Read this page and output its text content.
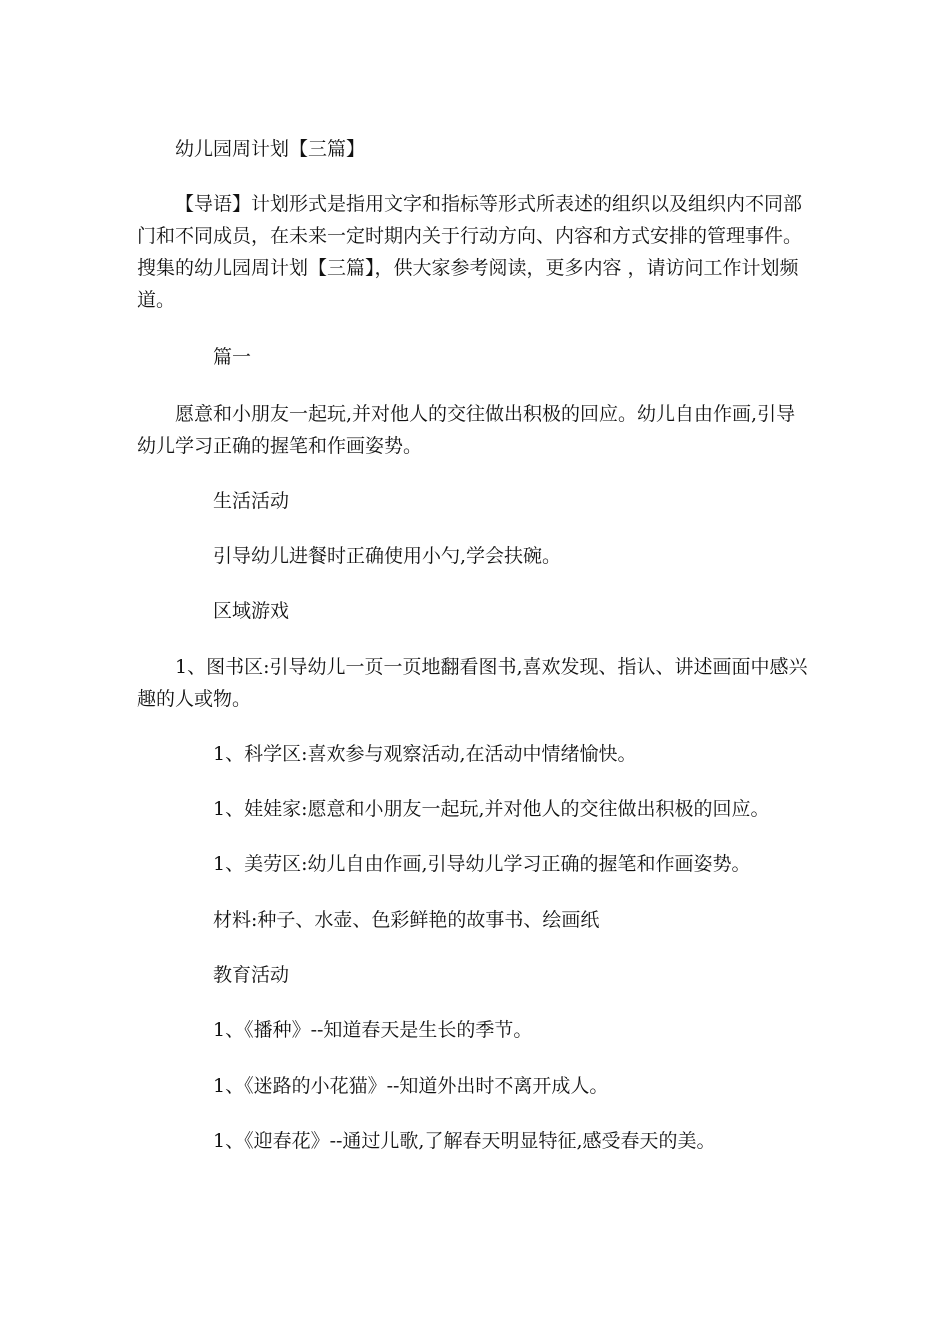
幼儿园周计划【三篇】

【导语】计划形式是指用文字和指标等形式所表述的组织以及组织内不同部门和不同成员，在未来一定时期内关于行动方向、内容和方式安排的管理事件。搜集的幼儿园周计划【三篇】，供大家参考阅读，更多内容 ，请访问工作计划频道。

篇一

愿意和小朋友一起玩,并对他人的交往做出积极的回应。幼儿自由作画,引导幼儿学习正确的握笔和作画姿势。

生活活动

引导幼儿进餐时正确使用小勺,学会扶碗。

区域游戏

1、图书区:引导幼儿一页一页地翻看图书,喜欢发现、指认、讲述画面中感兴趣的人或物。

1、科学区:喜欢参与观察活动,在活动中情绪愉快。

1、娃娃家:愿意和小朋友一起玩,并对他人的交往做出积极的回应。

1、美劳区:幼儿自由作画,引导幼儿学习正确的握笔和作画姿势。

材料:种子、水壶、色彩鲜艳的故事书、绘画纸

教育活动

1、《播种》--知道春天是生长的季节。

1、《迷路的小花猫》--知道外出时不离开成人。

1、《迎春花》--通过儿歌,了解春天明显特征,感受春天的美。
